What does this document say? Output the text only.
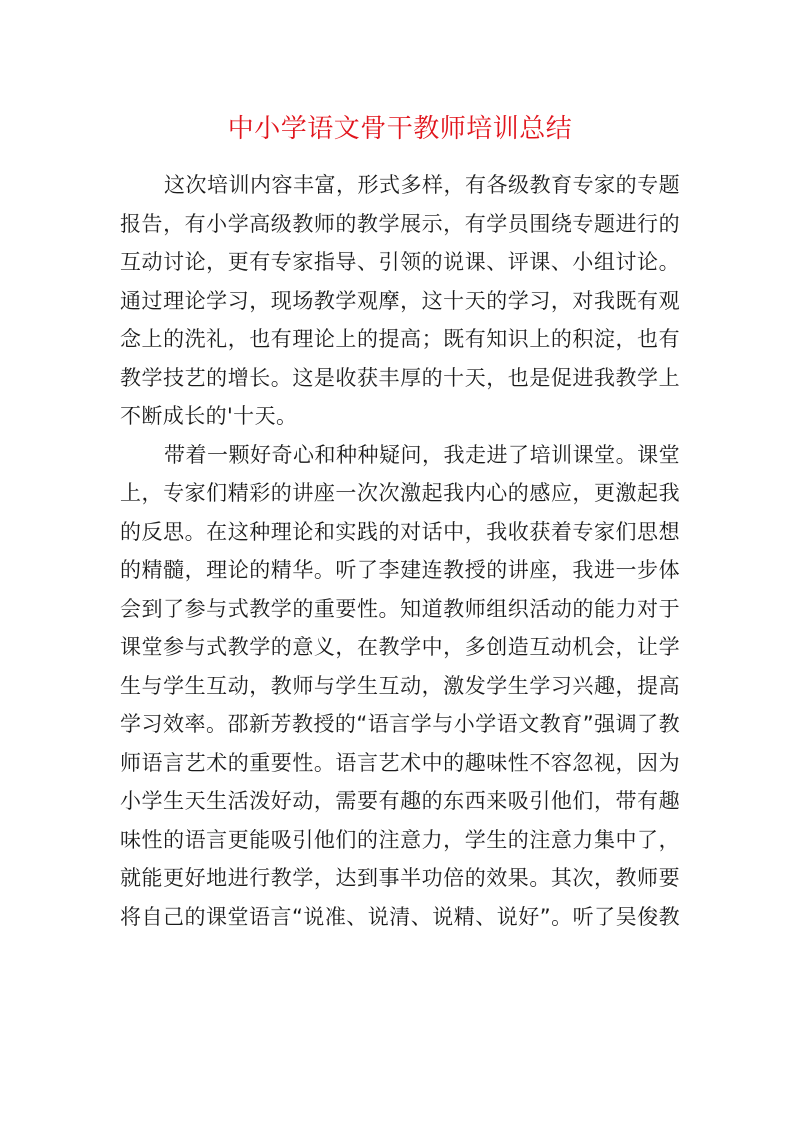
中小学语文骨干教师培训总结
这次培训内容丰富，形式多样，有各级教育专家的专题
报告，有小学高级教师的教学展示，有学员围绕专题进行的
互动讨论，更有专家指导、引领的说课、评课、小组讨论。
通过理论学习，现场教学观摩，这十天的学习，对我既有观
念上的洗礼，也有理论上的提高；既有知识上的积淀，也有
教学技艺的增长。这是收获丰厚的十天，也是促进我教学上
不断成长的'十天。
带着一颗好奇心和种种疑问，我走进了培训课堂。课堂
上，专家们精彩的讲座一次次激起我内心的感应，更激起我
的反思。在这种理论和实践的对话中，我收获着专家们思想
的精髓，理论的精华。听了李建连教授的讲座，我进一步体
会到了参与式教学的重要性。知道教师组织活动的能力对于
课堂参与式教学的意义，在教学中，多创造互动机会，让学
生与学生互动，教师与学生互动，激发学生学习兴趣，提高
学习效率。邵新芳教授的“语言学与小学语文教育”强调了教
师语言艺术的重要性。语言艺术中的趣味性不容忽视，因为
小学生天生活泼好动，需要有趣的东西来吸引他们，带有趣
味性的语言更能吸引他们的注意力，学生的注意力集中了，
就能更好地进行教学，达到事半功倍的效果。其次，教师要
将自己的课堂语言“说准、说清、说精、说好”。听了吴俊教
